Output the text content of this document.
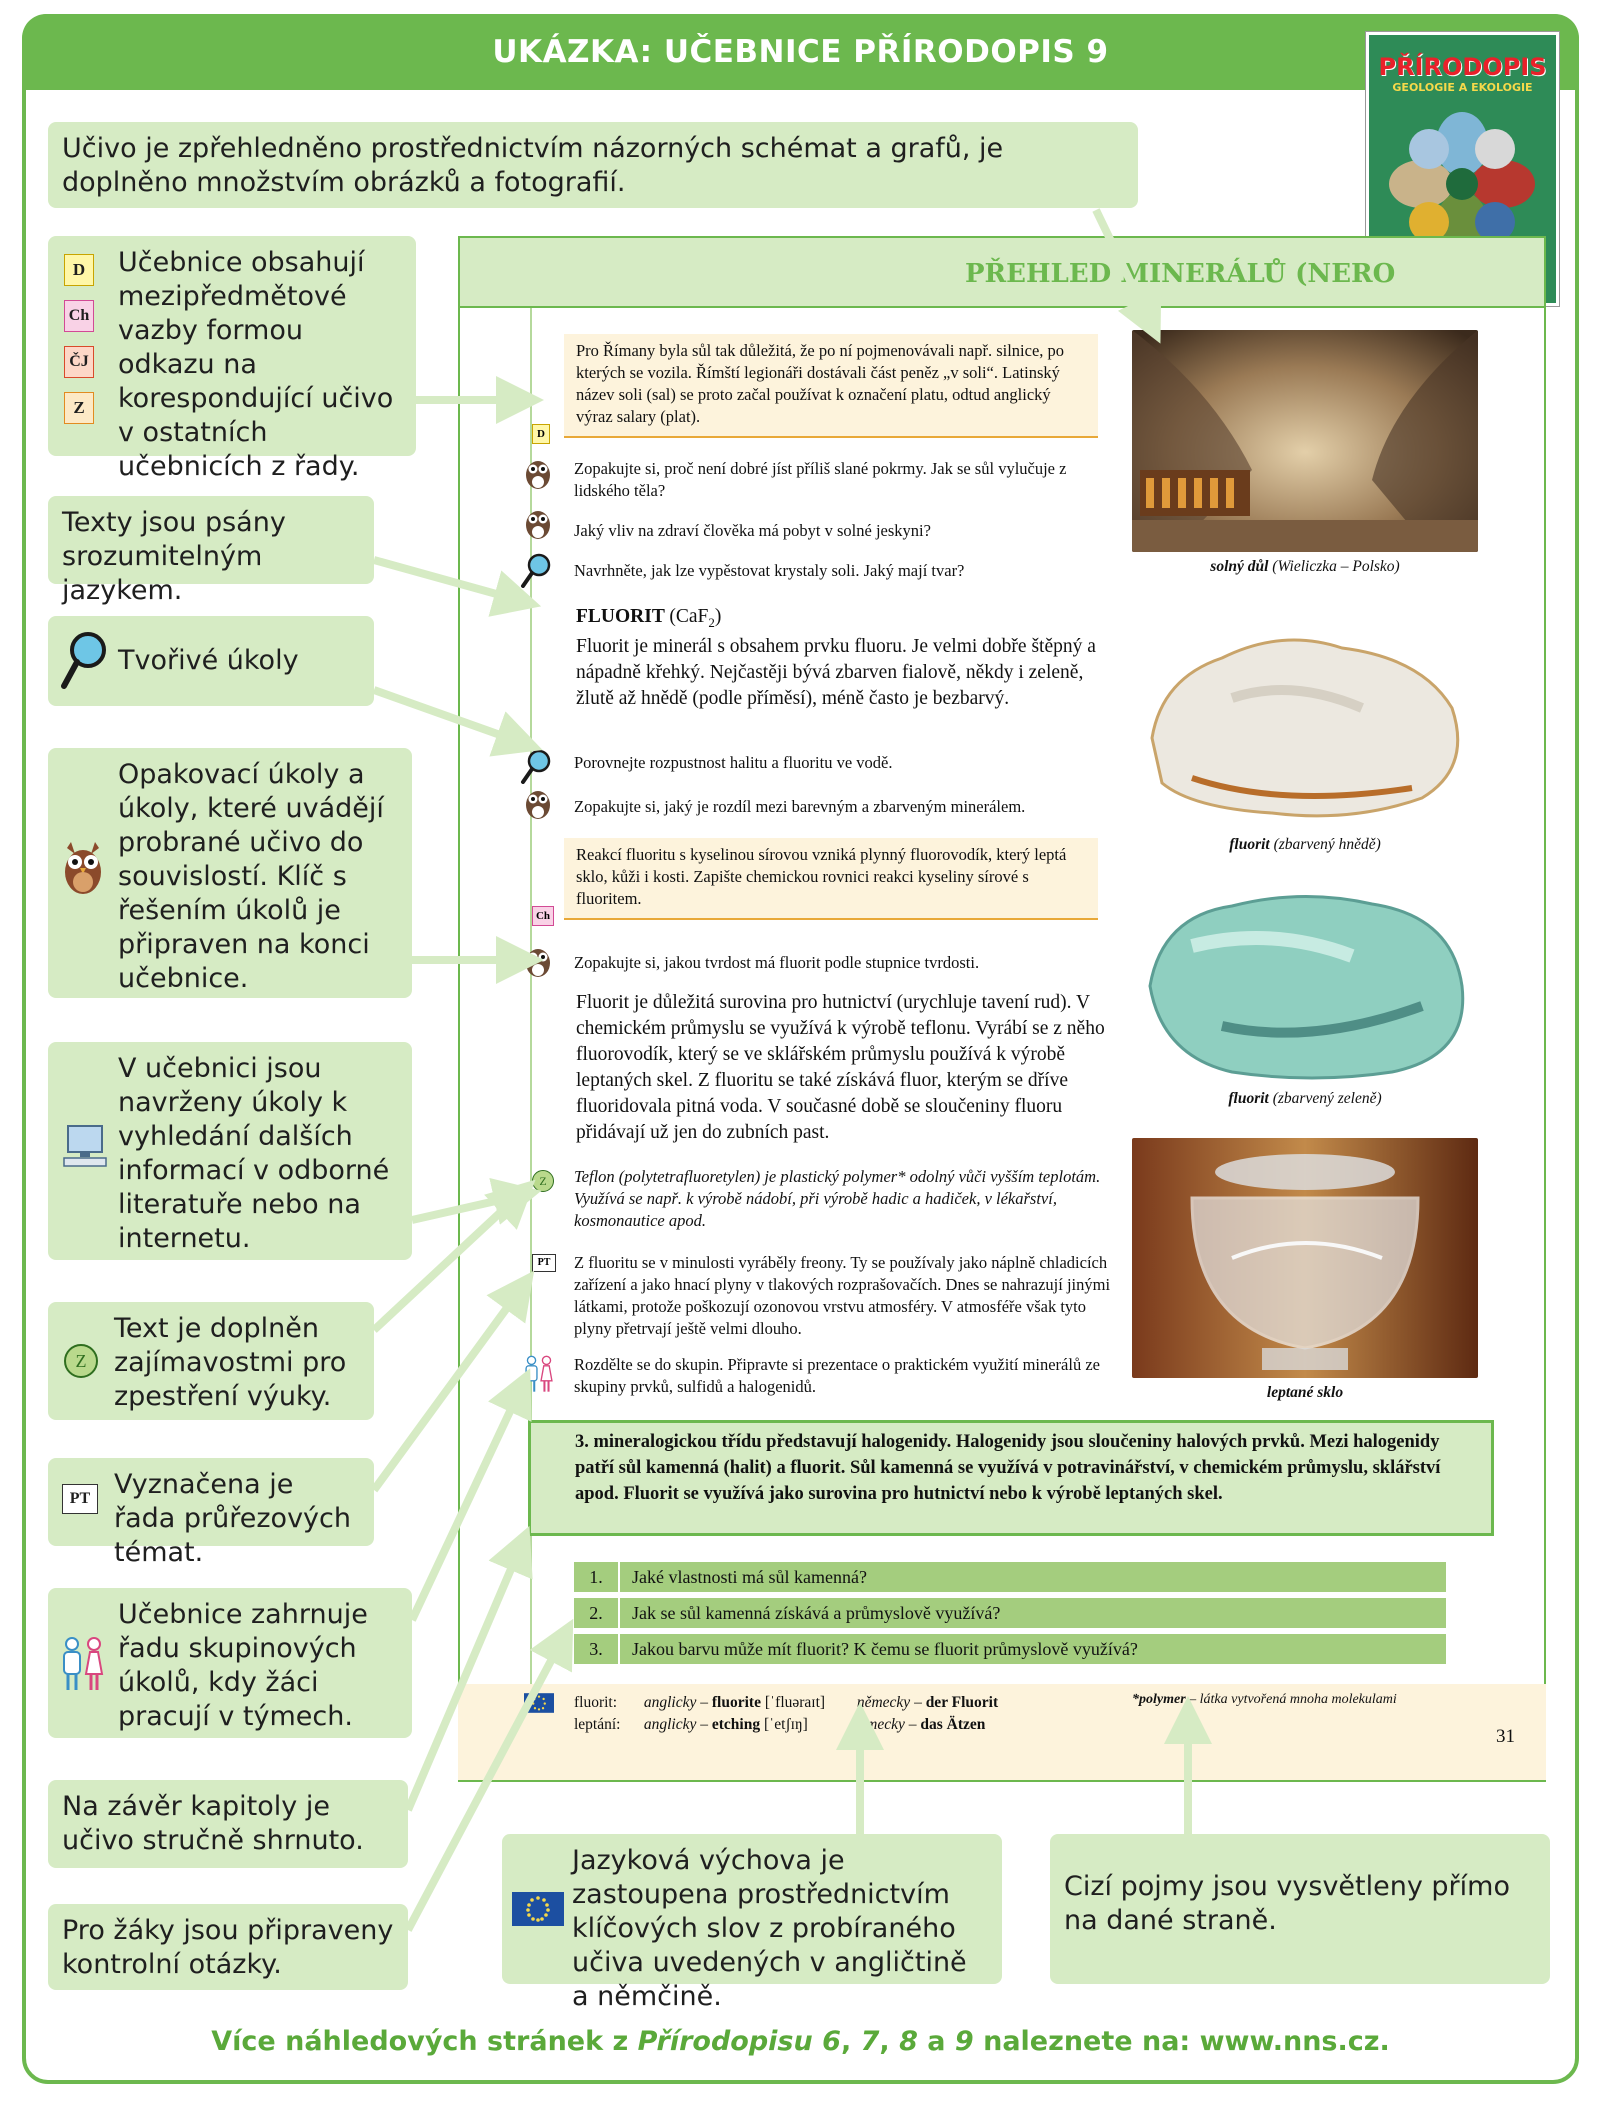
UKÁZKA: UČEBNICE PŘÍRODOPIS 9	PŘÍRODOPIS
GEOLOGIE A EKOLOGIE
Učivo je zpřehledněno prostřednictvím názorných schémat a grafů, je doplněno množstvím obrázků a fotografií.
D
Ch
ČJ
Z
Učebnice obsahují mezipředmětové vazby formou odkazu na korespondující učivo v ostatních učebnicích z řady.
Texty jsou psány srozumitelným jazykem.
Tvořivé úkoly
Opakovací úkoly a úkoly, které uvádějí probrané učivo do souvislostí. Klíč s řešením úkolů je připraven na konci učebnice.
V učebnici jsou navrženy úkoly k vyhledání dalších informací v odborné literatuře nebo na internetu.
Z
Text je doplněn zajímavostmi pro zpestření výuky.
PT Vyznačena je řada průřezových témat.
Učebnice zahrnuje řadu skupinových úkolů, kdy žáci pracují v týmech.
Na závěr kapitoly je učivo stručně shrnuto.
Pro žáky jsou připraveny kontrolní otázky.
Jazyková výchova je zastoupena prostřednictvím klíčových slov z probíraného učiva uvedených v angličtině a němčině.
Cizí pojmy jsou vysvětleny přímo na dané straně.
PŘEHLED MINERÁLŮ (NERO
Pro Římany byla sůl tak důležitá, že po ní pojmenovávali např. silnice, po kterých se vozila. Římští legionáři dostávali část peněz „v soli“. Latinský název soli (sal) se proto začal používat k označení platu, odtud anglický výraz salary (plat).
D
Zopakujte si, proč není dobré jíst příliš slané pokrmy. Jak se sůl vylučuje z lidského těla?
Jaký vliv na zdraví člověka má pobyt v solné jeskyni?
Navrhněte, jak lze vypěstovat krystaly soli. Jaký mají tvar?
FLUORIT (CaF$_2$)
Fluorit je minerál s obsahem prvku fluoru. Je velmi dobře štěpný a nápadně křehký. Nejčastěji bývá zbarven fialově, někdy i zeleně, žlutě až hnědě (podle příměsí), méně často je bezbarvý.
Porovnejte rozpustnost halitu a fluoritu ve vodě.
Zopakujte si, jaký je rozdíl mezi barevným a zbarveným minerálem.
Reakcí fluoritu s kyselinou sírovou vzniká plynný fluorovodík, který leptá sklo, kůži i kosti. Zapište chemickou rovnici reakci kyseliny sírové s fluoritem.
Ch
Zopakujte si, jakou tvrdost má fluorit podle stupnice tvrdosti.
Fluorit je důležitá surovina pro hutnictví (urychluje tavení rud). V chemickém průmyslu se využívá k výrobě teflonu. Vyrábí se z něho fluorovodík, který se ve sklářském průmyslu používá k výrobě leptaných skel. Z fluoritu se také získává fluor, kterým se dříve fluoridovala pitná voda. V současné době se sloučeniny fluoru přidávají už jen do zubních past.
Z	Teflon (polytetrafluoretylen) je plastický polymer* odolný vůči vyšším teplotám. Využívá se např. k výrobě nádobí, při výrobě hadic a hadiček, v lékařství, kosmonautice apod.
PT	Z fluoritu se v minulosti vyráběly freony. Ty se používaly jako náplně chladicích zařízení a jako hnací plyny v tlakových rozprašovačích. Dnes se nahrazují jinými látkami, protože poškozují ozonovou vrstvu atmosféry. V atmosféře však tyto plyny přetrvají ještě velmi dlouho.
Rozdělte se do skupin. Připravte si prezentace o praktickém využití minerálů ze skupiny prvků, sulfidů a halogenidů.
solný důl (Wieliczka – Polsko)
fluorit (zbarvený hnědě)
fluorit (zbarvený zeleně)
leptané sklo
3. mineralogickou třídu představují halogenidy. Halogenidy jsou sloučeniny halových prvků. Mezi halogenidy patří sůl kamenná (halit) a fluorit. Sůl kamenná se využívá v potravinářství, v chemickém průmyslu, sklářství apod. Fluorit se využívá jako surovina pro hutnictví nebo k výrobě leptaných skel.
1. Jaké vlastnosti má sůl kamenná?
2. Jak se sůl kamenná získává a průmyslově využívá?
3. Jakou barvu může mít fluorit? K čemu se fluorit průmyslově využívá?
fluorit: anglicky – fluorite [ˈfluəraɪt] německy – der Fluorit
leptání: anglicky – etching [ˈetʃɪŋ]	německy – das Ätzen
*polymer – látka vytvořená mnoha molekulami
31
Více náhledových stránek z Přírodopisu 6, 7, 8 a 9 naleznete na: www.nns.cz.
